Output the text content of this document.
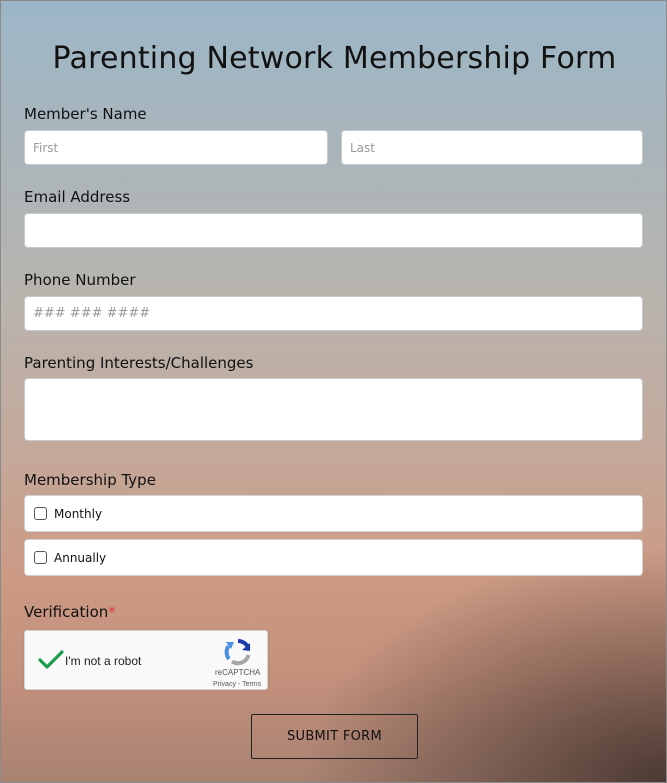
Parenting Network Membership Form
Member's Name
First
Last
Email Address
Phone Number
### ### ####
Parenting Interests/Challenges
Membership Type
Monthly
Annually
Verification*
I'm not a robot
reCAPTCHA
Privacy - Terms
SUBMIT FORM
